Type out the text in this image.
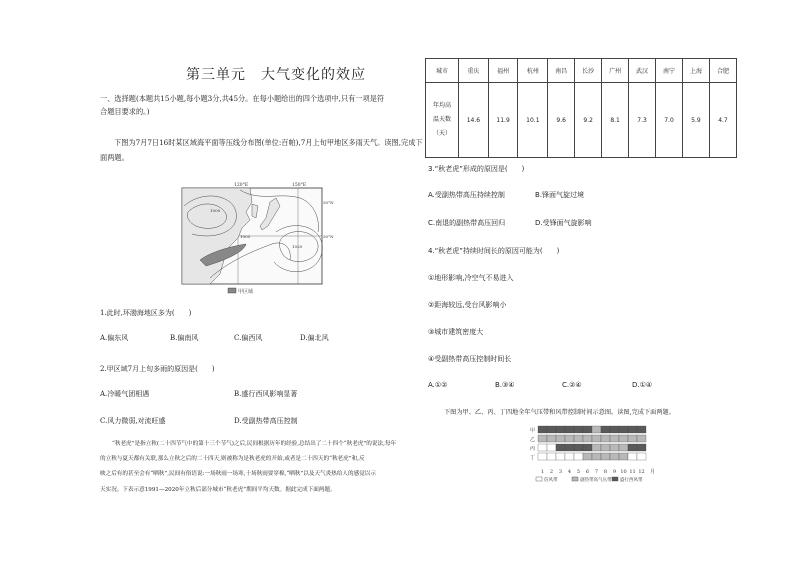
第三单元　大气变化的效应
一、选择题(本题共15小题,每小题3分,共45分。在每小题给出的四个选项中,只有一项是符
合题目要求的。)
下图为7月7日16时某区域海平面等压线分布图(单位:百帕),7月上旬甲地区多雨天气。读图,完成下
面两题。
120°E	150°E
30°N
30°N
1000
1005
1020
甲区域
1.此时,环渤海地区多为(　　)
A.偏东风	B.偏南风	C.偏西风	D.偏北风
2.甲区域7月上旬多雨的原因是(　　)
A.冷暖气团相遇	B.盛行西风影响显著
C.风力微弱,对流旺盛	D.受副热带高压控制
“秋老虎”是指立秋(二十四节气中的第十三个节气)之后,民间根据历年的经验,总结出了二十四个“秋老虎”的说法,每年
的立秋与夏天都有关联,那么立秋之后的二十四天,则被称为是秋老虎的开始,或者是二十四天的“秋老虎”和,反
映之后有的甚至会有“晒秋”,民间有俗语说:一场秋雨一场寒,十场秋雨要穿棉,“晒秋”以及天气炎热给人的感觉以示
天实况。下表示意1991—2020年立秋后部分城市“秋老虎”期间平均天数。据此完成下面两题。
城市	重庆	福州	杭州	南昌	长沙	广州	武汉	南宁	上海	合肥

年均高
温天数
（天）	14.6	11.9	10.1	9.6	9.2	8.1	7.3	7.0	5.9	4.7
3.“秋老虎”形成的原因是(　　)
A.受副热带高压持续控制	B.锋面气旋过境
C.南退的副热带高压回归	D.受锋面气旋影响
4.“秋老虎”持续时间长的原因可能为(　　)
①地形影响,冷空气不易进入
②距海较远,受台风影响小
③城市建筑密度大
④受副热带高压控制时间长
A.①②	B.③④	C.②④	D.①④
下图为甲、乙、丙、丁四地全年气压带和风带控制时间示意图。读图,完成下面两题。
甲
乙
丙
丁
1 2 3 4 5 6 7 8 9 10 11 12 月
信风带	副热带高气压带 盛行西风带
